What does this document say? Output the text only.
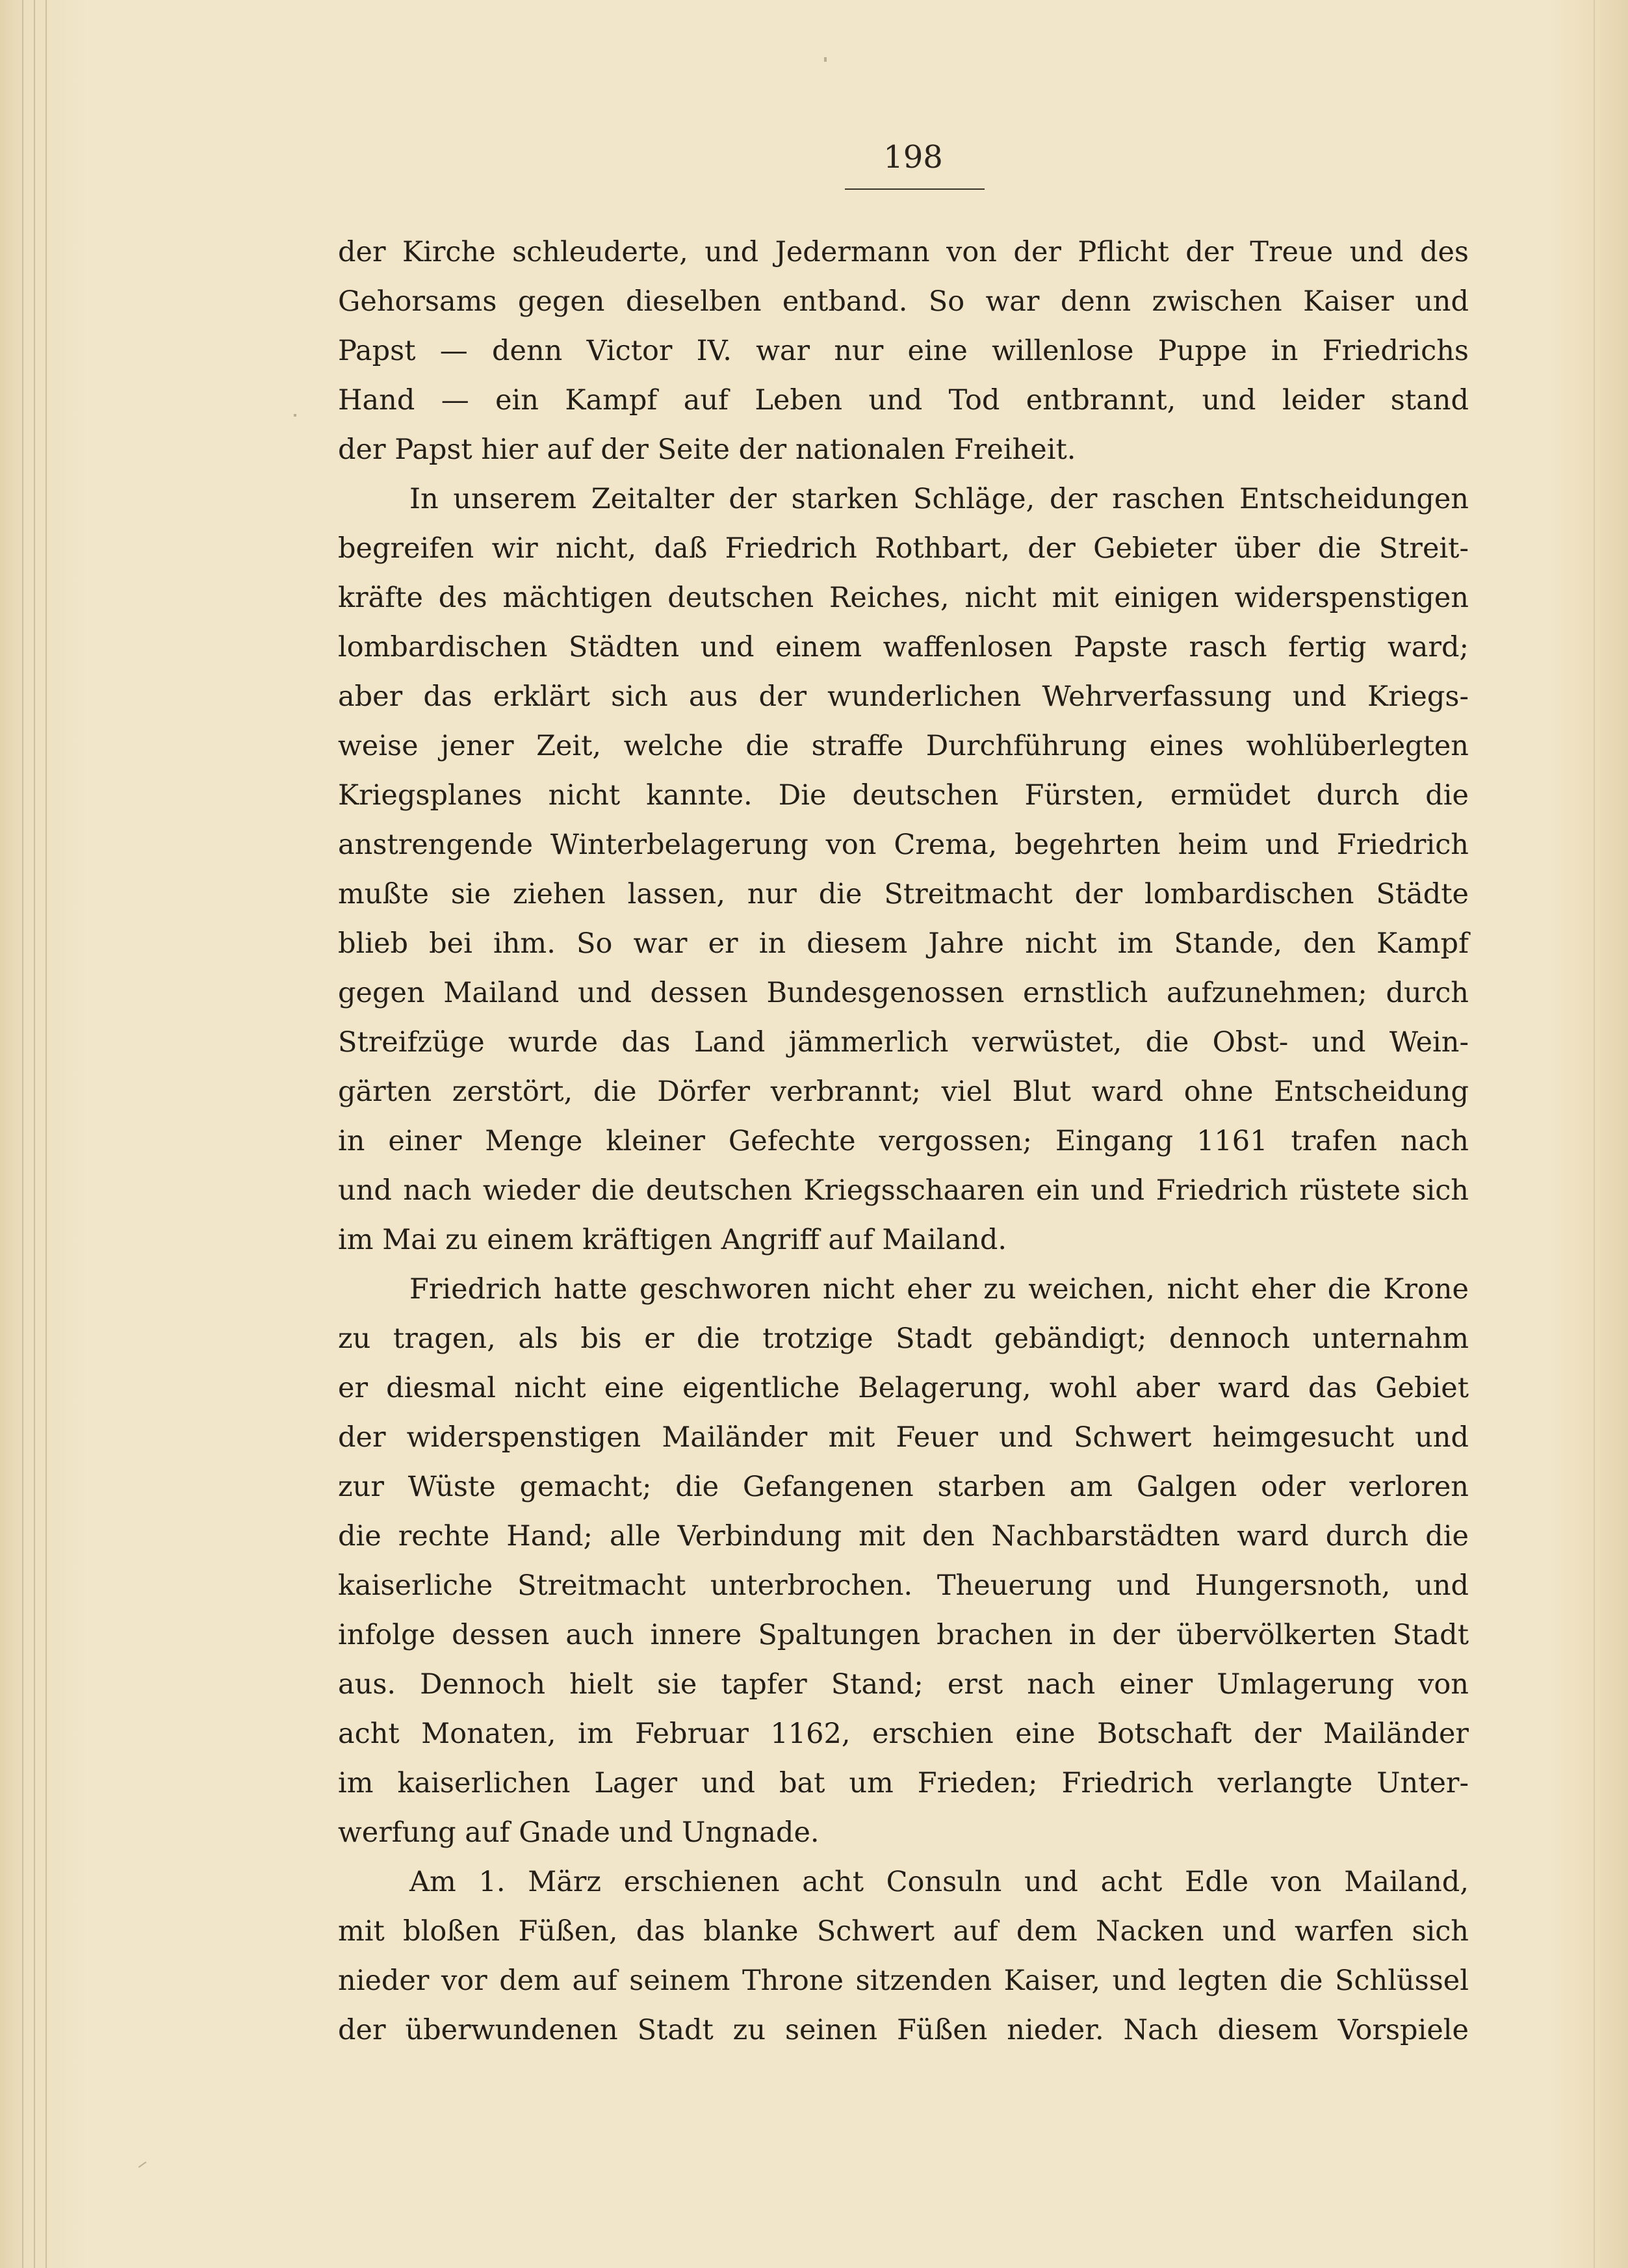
198

der Kirche schleuderte, und Jedermann von der Pflicht der Treue und des

Gehorsams gegen dieselben entband. So war denn zwischen Kaiser und

Papst — denn Victor IV. war nur eine willenlose Puppe in Friedrichs

Hand — ein Kampf auf Leben und Tod entbrannt, und leider stand

der Papst hier auf der Seite der nationalen Freiheit.

In unserem Zeitalter der starken Schläge, der raschen Entscheidungen

begreifen wir nicht, daß Friedrich Rothbart, der Gebieter über die Streit-

kräfte des mächtigen deutschen Reiches, nicht mit einigen widerspenstigen

lombardischen Städten und einem waffenlosen Papste rasch fertig ward;

aber das erklärt sich aus der wunderlichen Wehrverfassung und Kriegs-

weise jener Zeit, welche die straffe Durchführung eines wohlüberlegten

Kriegsplanes nicht kannte. Die deutschen Fürsten, ermüdet durch die

anstrengende Winterbelagerung von Crema, begehrten heim und Friedrich

mußte sie ziehen lassen, nur die Streitmacht der lombardischen Städte

blieb bei ihm. So war er in diesem Jahre nicht im Stande, den Kampf

gegen Mailand und dessen Bundesgenossen ernstlich aufzunehmen; durch

Streifzüge wurde das Land jämmerlich verwüstet, die Obst- und Wein-

gärten zerstört, die Dörfer verbrannt; viel Blut ward ohne Entscheidung

in einer Menge kleiner Gefechte vergossen; Eingang 1161 trafen nach

und nach wieder die deutschen Kriegsschaaren ein und Friedrich rüstete sich

im Mai zu einem kräftigen Angriff auf Mailand.

Friedrich hatte geschworen nicht eher zu weichen, nicht eher die Krone

zu tragen, als bis er die trotzige Stadt gebändigt; dennoch unternahm

er diesmal nicht eine eigentliche Belagerung, wohl aber ward das Gebiet

der widerspenstigen Mailänder mit Feuer und Schwert heimgesucht und

zur Wüste gemacht; die Gefangenen starben am Galgen oder verloren

die rechte Hand; alle Verbindung mit den Nachbarstädten ward durch die

kaiserliche Streitmacht unterbrochen. Theuerung und Hungersnoth, und

infolge dessen auch innere Spaltungen brachen in der übervölkerten Stadt

aus. Dennoch hielt sie tapfer Stand; erst nach einer Umlagerung von

acht Monaten, im Februar 1162, erschien eine Botschaft der Mailänder

im kaiserlichen Lager und bat um Frieden; Friedrich verlangte Unter-

werfung auf Gnade und Ungnade.

Am 1. März erschienen acht Consuln und acht Edle von Mailand,

mit bloßen Füßen, das blanke Schwert auf dem Nacken und warfen sich

nieder vor dem auf seinem Throne sitzenden Kaiser, und legten die Schlüssel

der überwundenen Stadt zu seinen Füßen nieder. Nach diesem Vorspiele
